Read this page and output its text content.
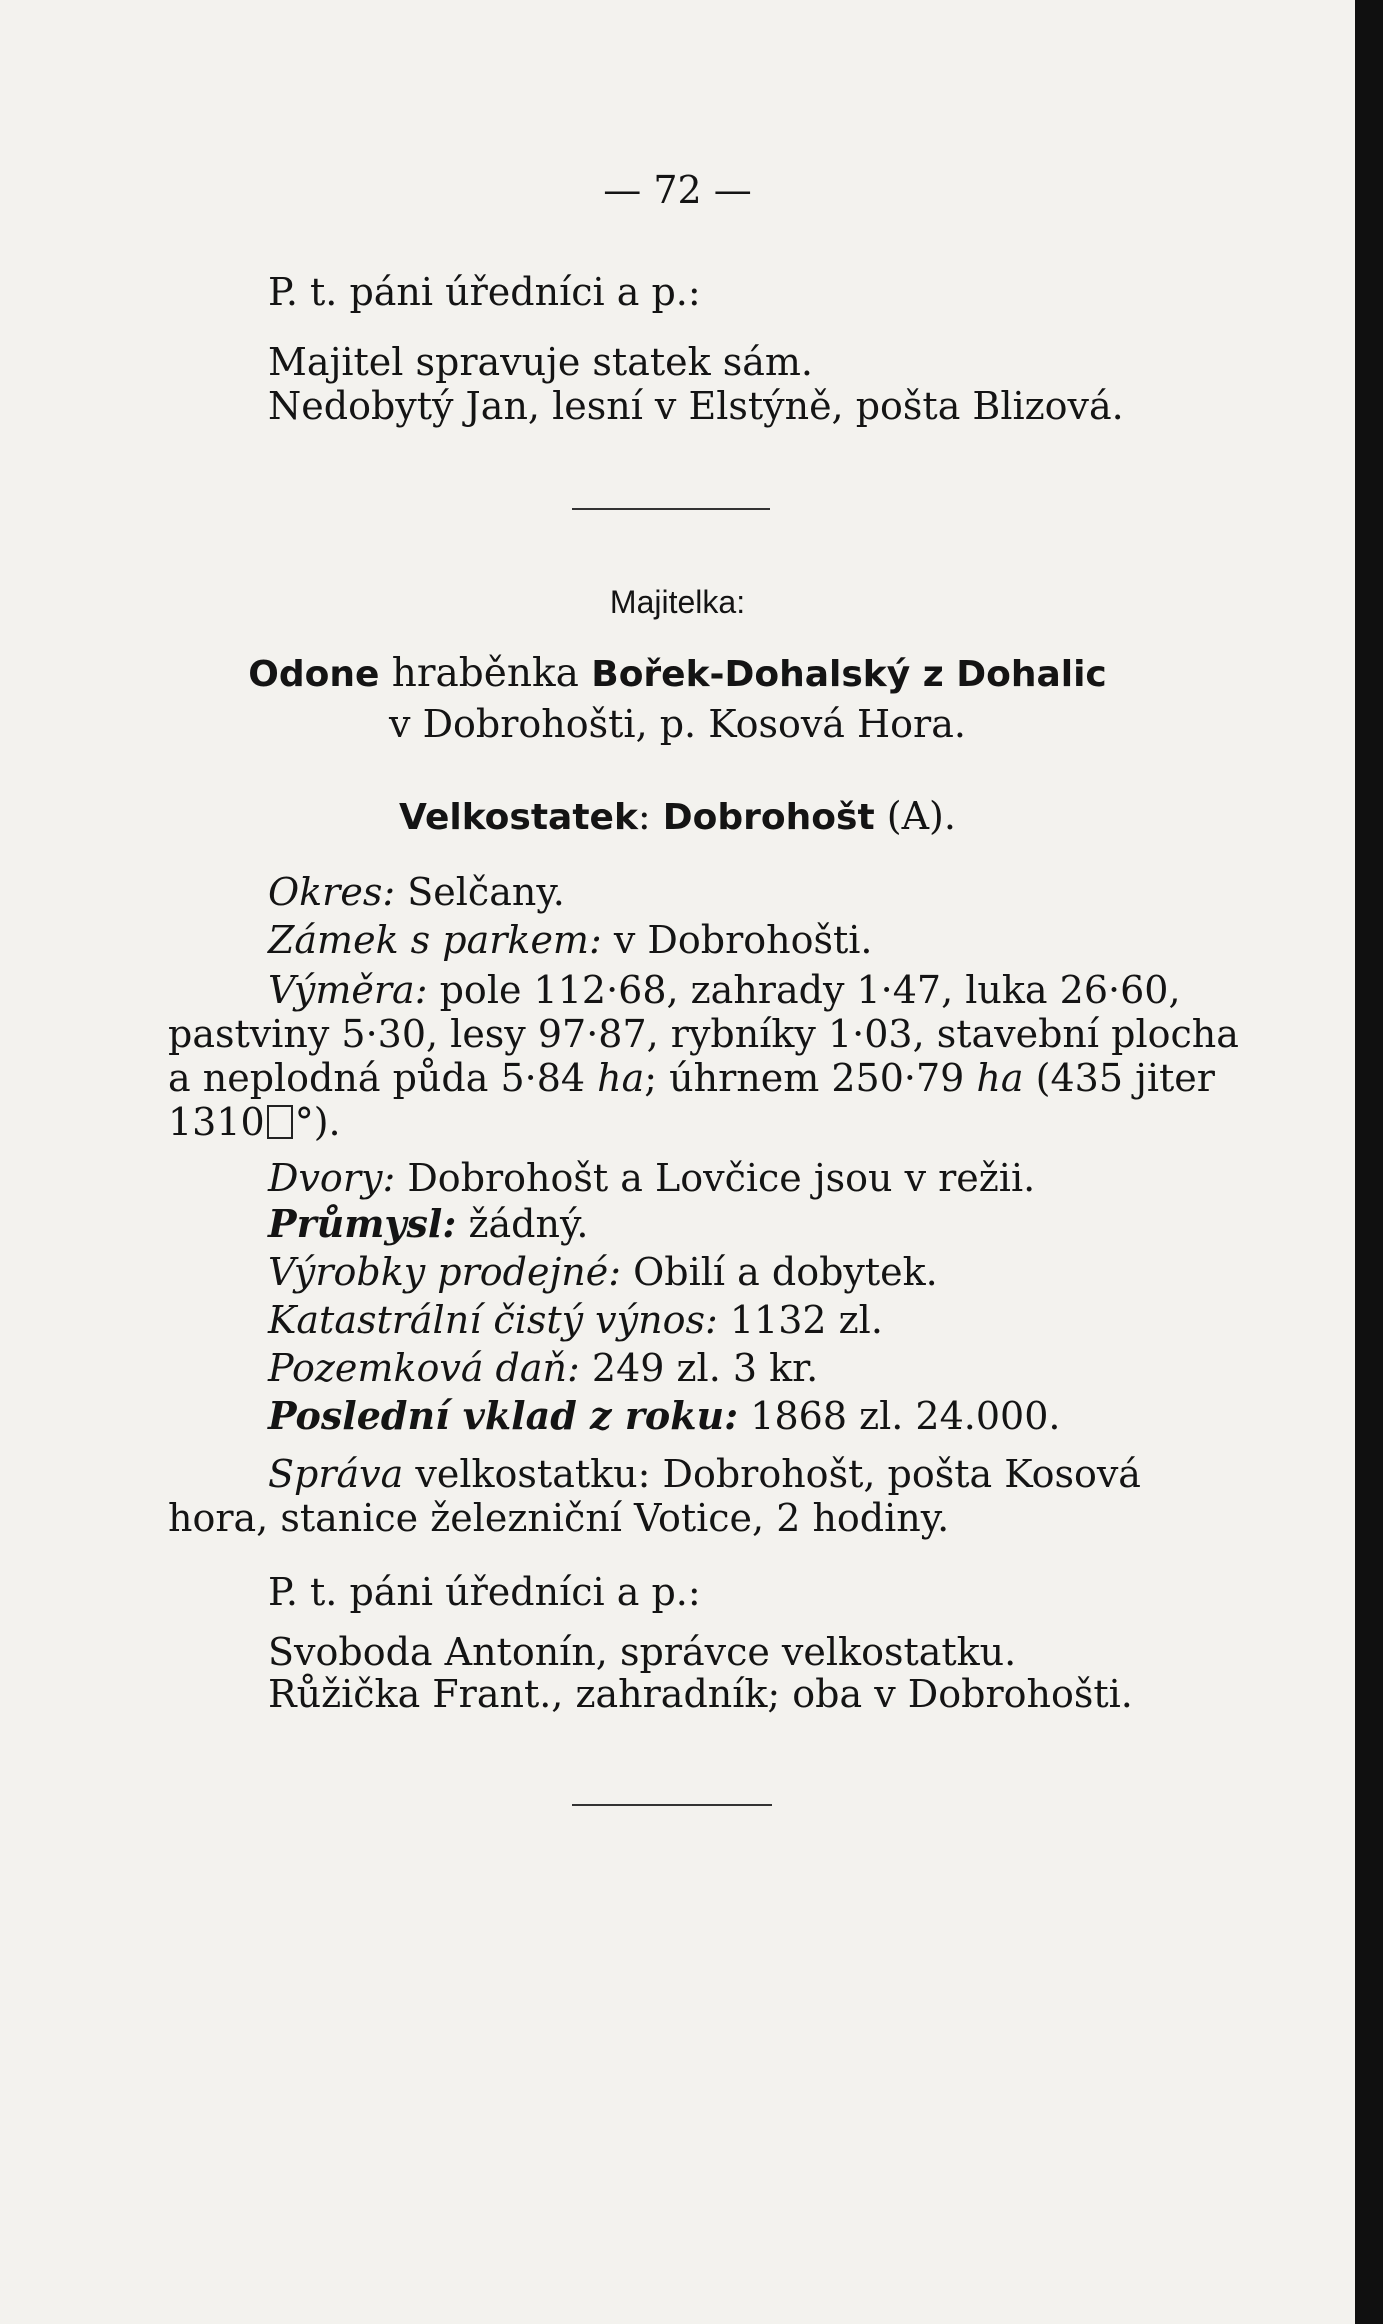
— 72 —
P. t. páni úředníci a p.:
Majitel spravuje statek sám.
Nedobytý Jan, lesní v Elstýně, pošta Blizová.
Majitelka:
Odone hraběnka Bořek-Dohalský z Dohalic
v Dobrohošti, p. Kosová Hora.
Velkostatek: Dobrohošt (A).
Okres: Selčany.
Zámek s parkem: v Dobrohošti.
Výměra: pole 112·68, zahrady 1·47, luka 26·60,
pastviny 5·30, lesy 97·87, rybníky 1·03, stavební plocha
a neplodná půda 5·84 ha; úhrnem 250·79 ha (435 jiter
1310 °).
Dvory: Dobrohošt a Lovčice jsou v režii.
Průmysl: žádný.
Výrobky prodejné: Obilí a dobytek.
Katastrální čistý výnos: 1132 zl.
Pozemková daň: 249 zl. 3 kr.
Poslední vklad z roku: 1868 zl. 24.000.
Správa velkostatku: Dobrohošt, pošta Kosová
hora, stanice železniční Votice, 2 hodiny.
P. t. páni úředníci a p.:
Svoboda Antonín, správce velkostatku.
Růžička Frant., zahradník; oba v Dobrohošti.
